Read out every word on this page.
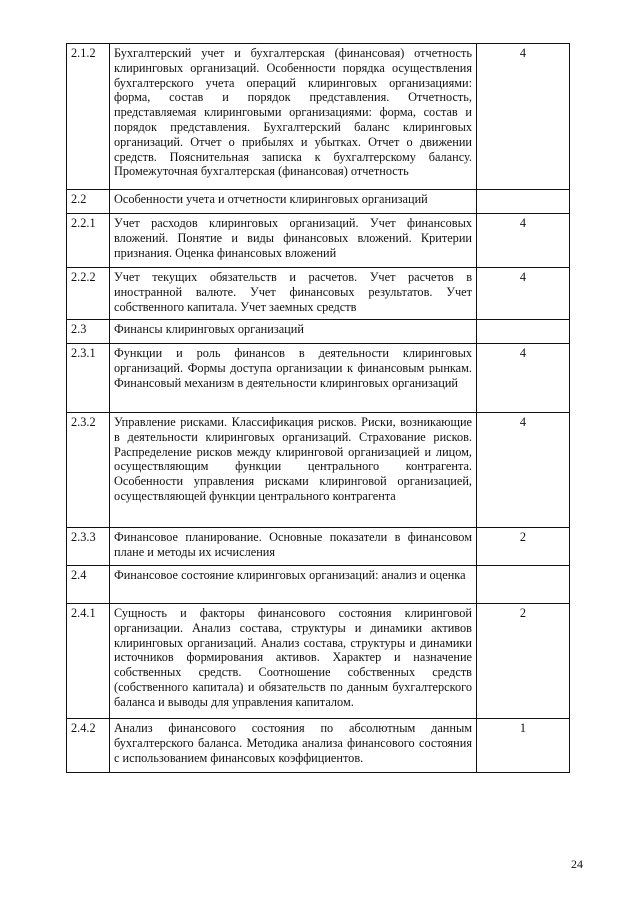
2.1.2	Бухгалтерский учет и бухгалтерская (финансовая) отчетность клиринговых организаций. Особенности порядка осуществления бухгалтерского учета операций клиринговых организациями: форма, состав и порядок представления. Отчетность, представляемая клиринговыми организациями: форма, состав и порядок представления. Бухгалтерский баланс клиринговых организаций. Отчет о прибылях и убытках. Отчет о движении средств. Пояснительная записка к бухгалтерскому балансу. Промежуточная бухгалтерская (финансовая) отчетность	4
2.2	Особенности учета и отчетности клиринговых организаций	
2.2.1	Учет расходов клиринговых организаций. Учет финансовых вложений. Понятие и виды финансовых вложений. Критерии признания. Оценка финансовых вложений	4
2.2.2	Учет текущих обязательств и расчетов. Учет расчетов в иностранной валюте. Учет финансовых результатов. Учет собственного капитала. Учет заемных средств	4
2.3	Финансы клиринговых организаций	
2.3.1	Функции и роль финансов в деятельности клиринговых организаций. Формы доступа организации к финансовым рынкам. Финансовый механизм в деятельности клиринговых организаций	4
2.3.2	Управление рисками. Классификация рисков. Риски, возникающие в деятельности клиринговых организаций. Страхование рисков. Распределение рисков между клиринговой организацией и лицом, осуществляющим функции центрального контрагента. Особенности управления рисками клиринговой организацией, осуществляющей функции центрального контрагента	4
2.3.3	Финансовое планирование. Основные показатели в финансовом плане и методы их исчисления	2
2.4	Финансовое состояние клиринговых организаций: анализ и оценка	
2.4.1	Сущность и факторы финансового состояния клиринговой организации. Анализ состава, структуры и динамики активов клиринговых организаций. Анализ состава, структуры и динамики источников формирования активов. Характер и назначение собственных средств. Соотношение собственных средств (собственного капитала) и обязательств по данным бухгалтерского баланса и выводы для управления капиталом.	2
2.4.2	Анализ финансового состояния по абсолютным данным бухгалтерского баланса. Методика анализа финансового состояния с использованием финансовых коэффициентов.	1
24
